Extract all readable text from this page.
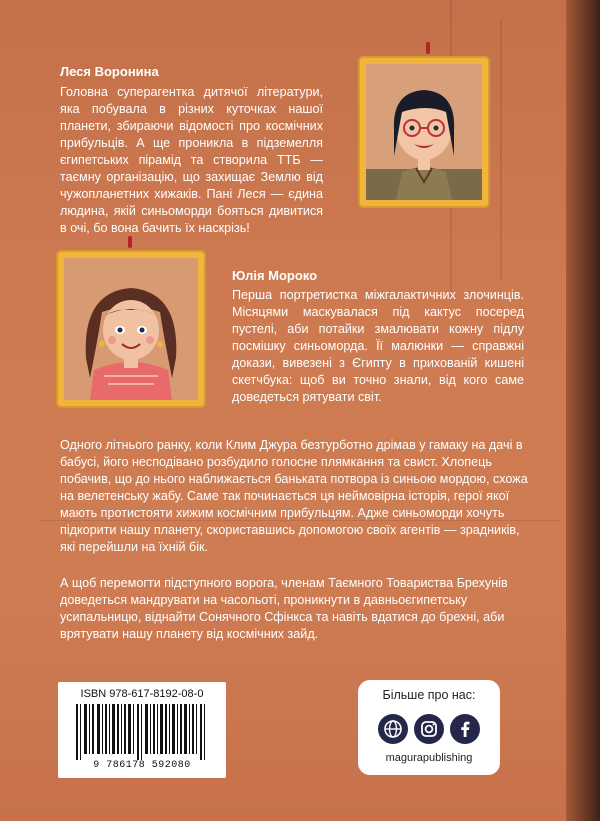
Леся Воронина

Головна суперагентка дитячої літератури, яка побувала в різних куточках нашої планети, збираючи відомості про космічних прибульців. А ще проникла в підземелля єгипетських пірамід та створила ТТБ — таємну організацію, що захищає Землю від чужопланетних хижаків. Пані Леся — єдина людина, якій синьоморди бояться дивитися в очі, бо вона бачить їх наскрізь!

Юлія Мороко

Перша портретистка міжгалактичних злочинців. Місяцями маскувалася під кактус посеред пустелі, аби потайки змалювати кожну підлу посмішку синьоморда. Її малюнки — справжні докази, вивезені з Єгипту в прихованій кишені скетчбука: щоб ви точно знали, від кого саме доведеться рятувати світ.

Одного літнього ранку, коли Клим Джура безтурботно дрімав у гамаку на дачі в бабусі, його несподівано розбудило голосне плямкання та свист. Хлопець побачив, що до нього наближається баньката потвора із синьою мордою, схожа на велетенську жабу. Саме так починається ця неймовірна історія, герої якої мають протистояти хижим космічним прибульцям. Адже синьоморди хочуть підкорити нашу планету, скориставшись допомогою своїх агентів — зрадників, які перейшли на їхній бік.

А щоб перемогти підступного ворога, членам Таємного Товариства Брехунів доведеться мандрувати на часольоті, проникнути в давньоєгипетську усипальницю, віднайти Сонячного Сфінкса та навіть вдатися до брехні, аби врятувати нашу планету від космічних зайд.

ISBN 978-617-8192-08-0
9 786178 592080
Більше про нас:
magurapublishing
